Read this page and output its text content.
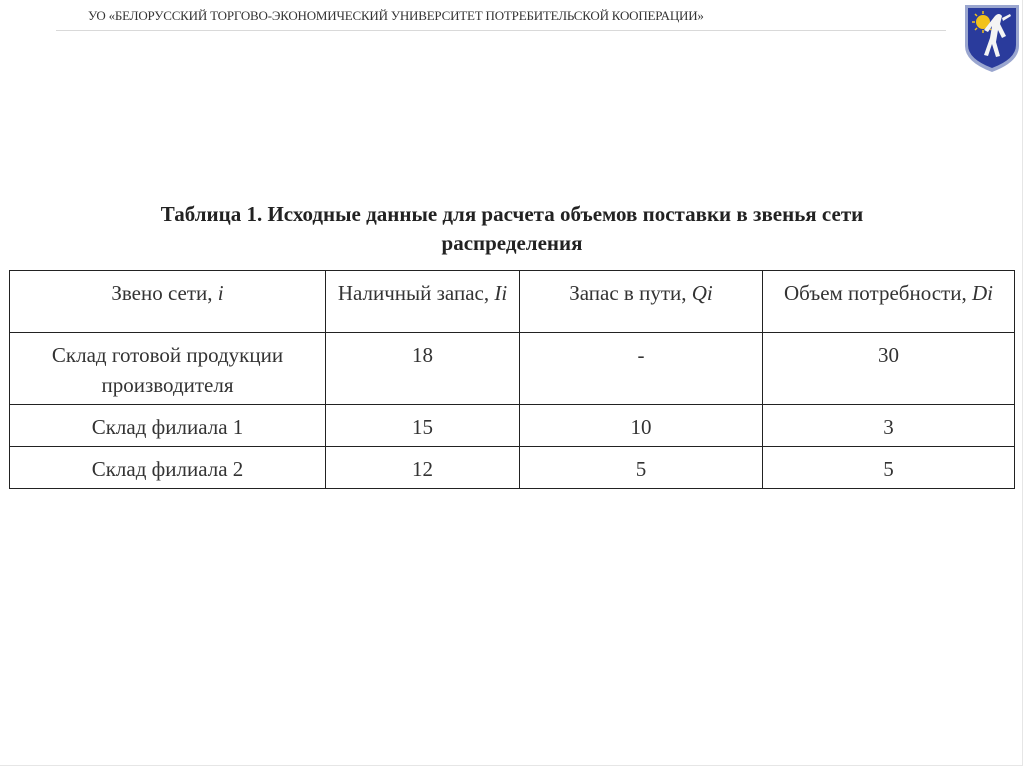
УО «БЕЛОРУССКИЙ ТОРГОВО-ЭКОНОМИЧЕСКИЙ УНИВЕРСИТЕТ ПОТРЕБИТЕЛЬСКОЙ КООПЕРАЦИИ»
Таблица 1. Исходные данные для расчета объемов поставки в звенья сети
распределения
Звено сети, i	Наличный запас, Ii	Запас в пути, Qi	Объем потребности, Di
Склад готовой продукции производителя	18	-	30
Склад филиала 1	15	10	3
Склад филиала 2	12	5	5
